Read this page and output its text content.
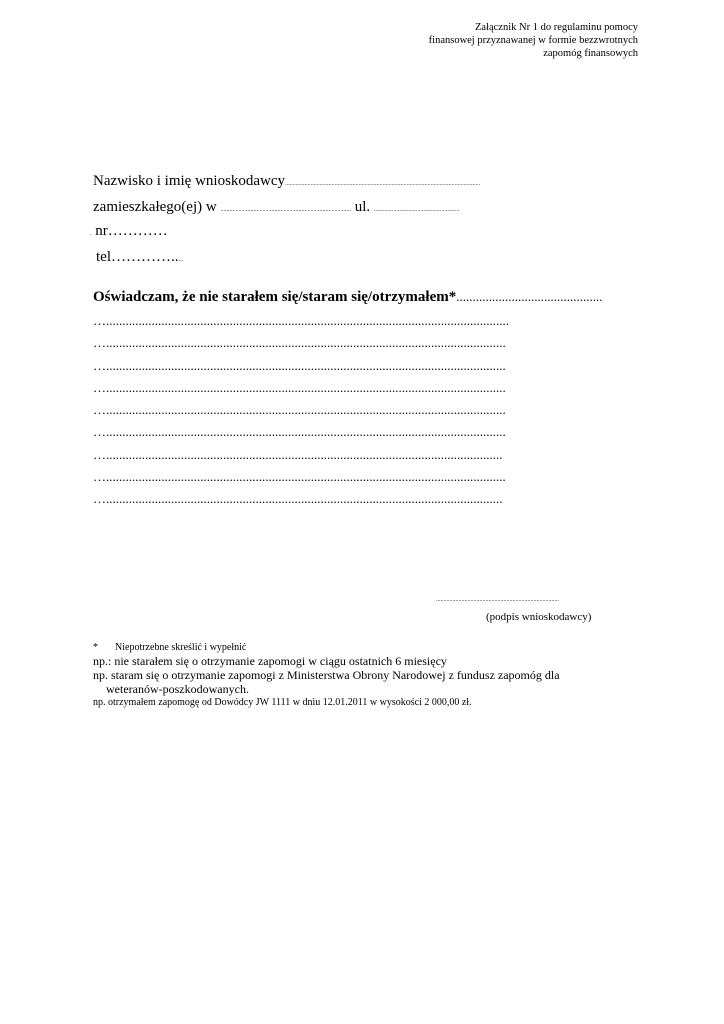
Załącznik Nr 1 do regulaminu pomocy
finansowej przyznawanej w formie bezzwrotnych
zapomóg finansowych
Nazwisko i imię wnioskodawcy..................................................................................................................................
zamieszkałego(ej) w ....................................................................................... ul. .........................................................
. nr…………
tel………….....
Oświadczam, że nie starałem się/staram się/otrzymałem*.............................................
…............................................................................................................................
…...........................................................................................................................
…...........................................................................................................................
…...........................................................................................................................
…...........................................................................................................................
…...........................................................................................................................
…..........................................................................................................................
…...........................................................................................................................
…..........................................................................................................................
..................................................................................
(podpis wnioskodawcy)
* Niepotrzebne skreślić i wypełnić
np.: nie starałem się o otrzymanie zapomogi w ciągu ostatnich 6 miesięcy
np. staram się o otrzymanie zapomogi z Ministerstwa Obrony Narodowej z fundusz zapomóg dla
weteranów-poszkodowanych.
np. otrzymałem zapomogę od Dowódcy JW 1111 w dniu 12.01.2011 w wysokości 2 000,00 zł.
